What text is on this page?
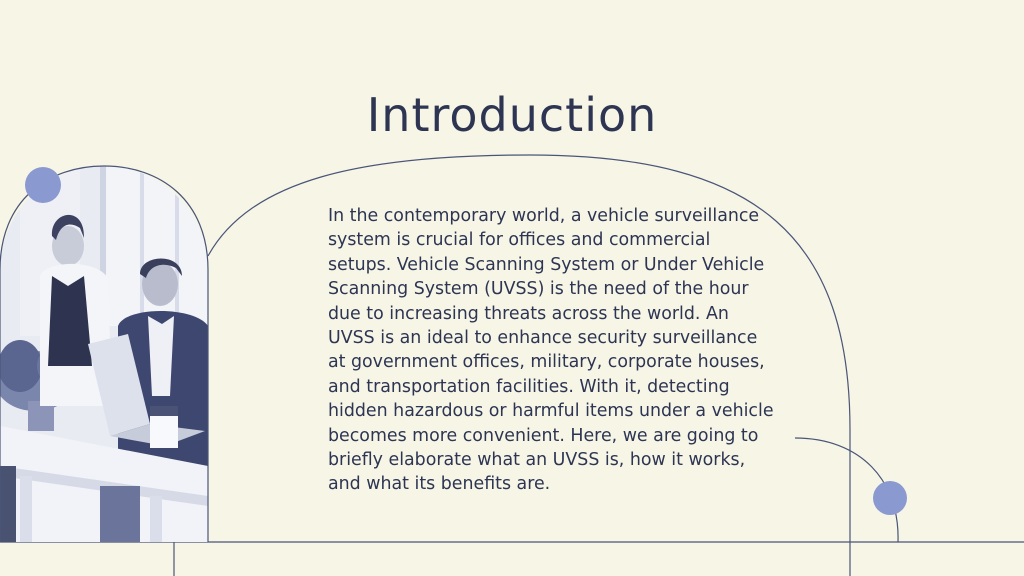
Introduction

In the contemporary world, a vehicle surveillance system is crucial for offices and commercial setups. Vehicle Scanning System or Under Vehicle Scanning System (UVSS) is the need of the hour due to increasing threats across the world. An UVSS is an ideal to enhance security surveillance at government offices, military, corporate houses, and transportation facilities. With it, detecting hidden hazardous or harmful items under a vehicle becomes more convenient. Here, we are going to briefly elaborate what an UVSS is, how it works, and what its benefits are.
